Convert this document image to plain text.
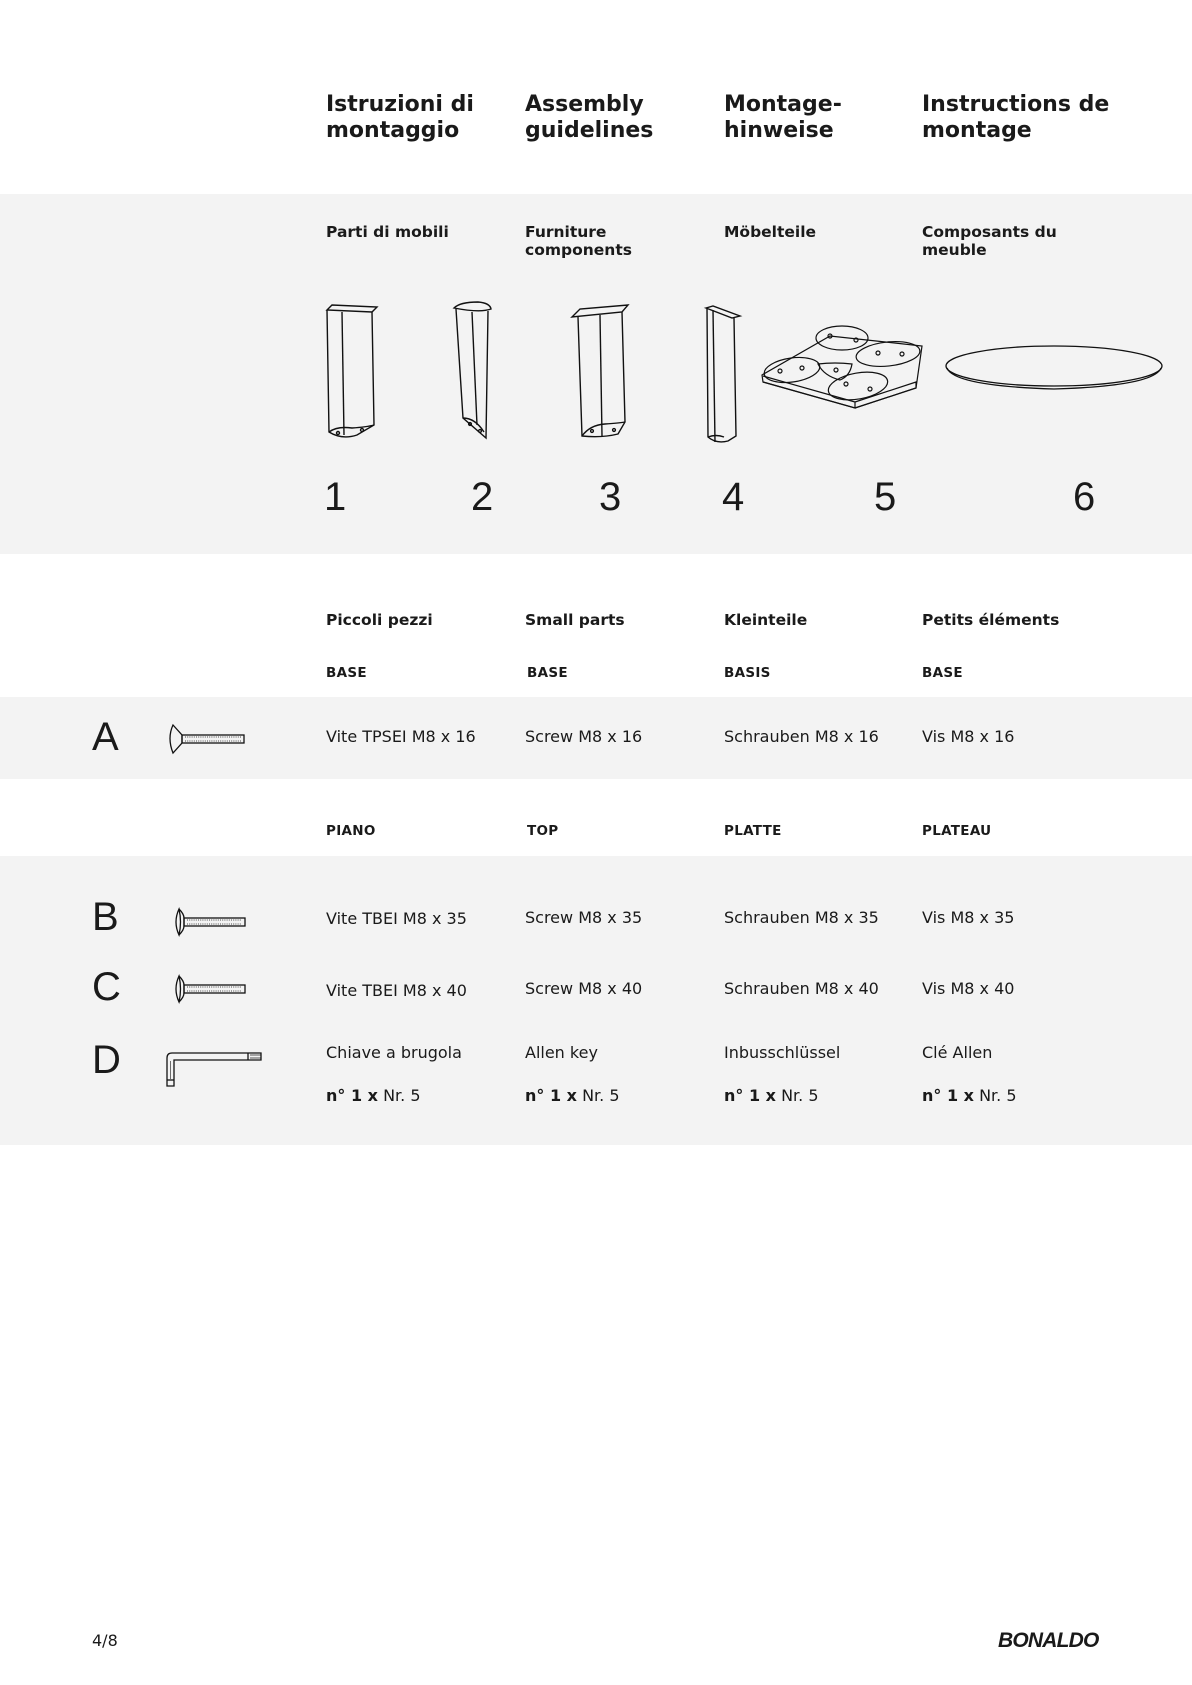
Istruzioni di
montaggio
Assembly
guidelines
Montage-
hinweise
Instructions de
montage
Parti di mobili	Furniture
components
Möbelteile	Composants du
meuble
1	2	3	4	5	6
Piccoli pezzi	Small parts	Kleinteile	Petits éléments
BASE	BASE	BASIS	BASE
A	Vite TPSEI M8 x 16	Screw M8 x 16	Schrauben M8 x 16	Vis M8 x 16
PIANO	TOP	PLATTE	PLATEAU
B	Vite TBEI M8 x 35	Screw M8 x 35	Schrauben M8 x 35	Vis M8 x 35
C	Vite TBEI M8 x 40	Screw M8 x 40	Schrauben M8 x 40	Vis M8 x 40
D	Chiave a brugola	Allen key	Inbusschlüssel	Clé Allen
n° 1 x Nr. 5	n° 1 x Nr. 5	n° 1 x Nr. 5	n° 1 x Nr. 5
4/8	BONALDO
